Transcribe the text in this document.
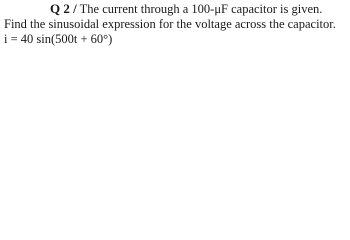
Q 2 / The current through a 100-μF capacitor is given.
Find the sinusoidal expression for the voltage across the capacitor.
i = 40 sin(500t + 60°)
